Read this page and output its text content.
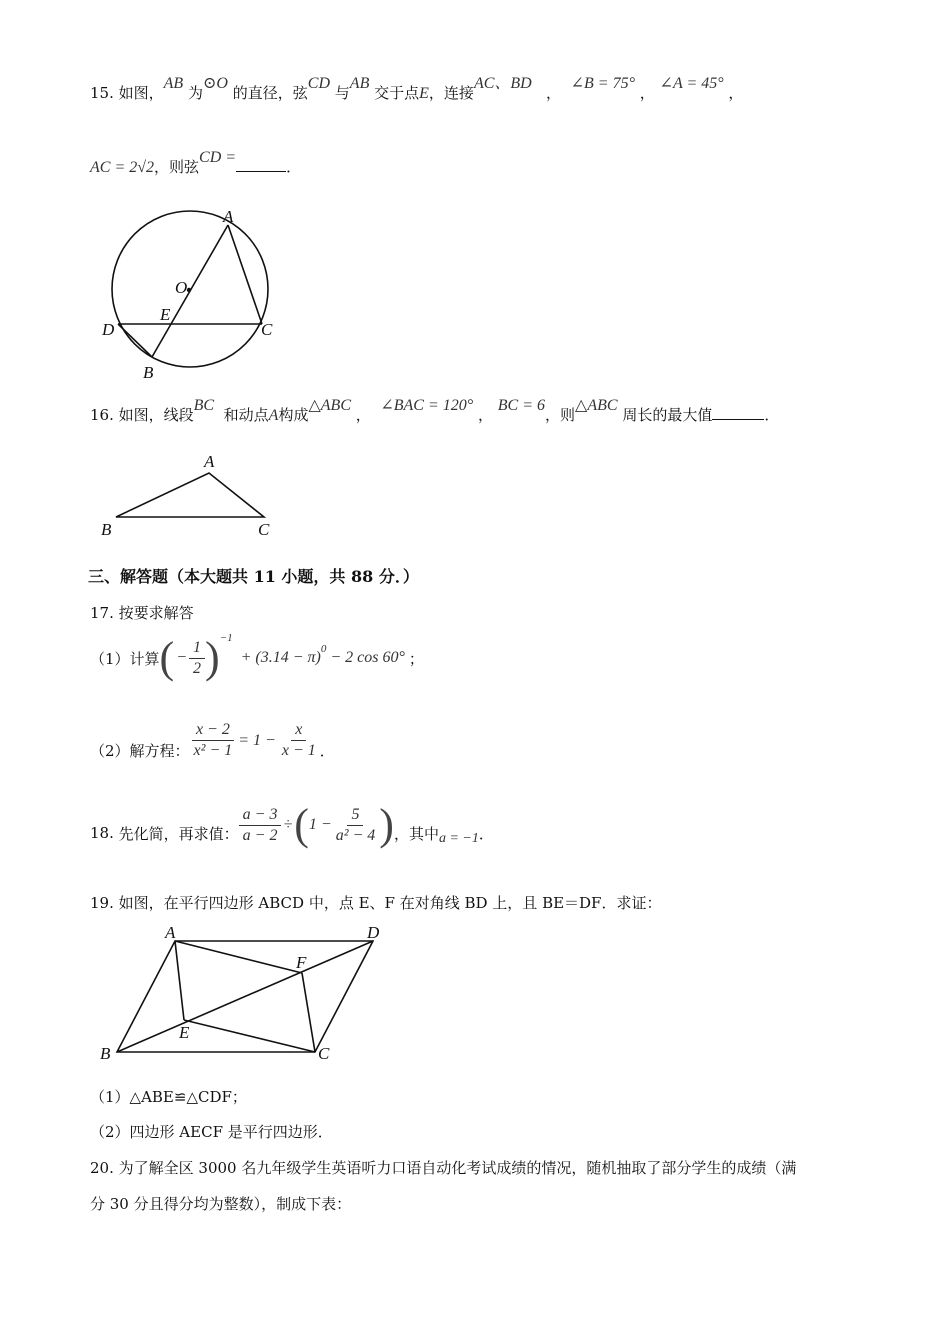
15.
如图，
AB

为
⊙O

的直径，弦
CD

与
AB

交于点 E ，连接
AC、BD

，

∠B = 75°

，

∠A = 45°

，
AC = 2√2 ，则弦
CD =
．
A
O
E
D	C
B
16.
如图，线段
BC

和动点 A 构成
△ABC

，

∠BAC = 120°

，

BC = 6
，则
△ABC

周长的最大值	．
A
B	C
三、解答题（本大题共 11 小题，共 88 分．）
17.
按要求解答
（1）计算 ( − $\frac{1}{2}$ ) −1
+ (3.14 − π) 0 − 2 cos 60° ；
（2）解方程： $\frac{x - 2}{\text{x² − 1}} = 1 - \frac{x}{x - 1}$ ．
18.
先化简，再求值： $\frac{a - 3}{a - 2}$ ÷ ( $1 - \frac{5}{\text{a² − 4}}$ ) ，其中 a = −1 ．
19.
如图，在平行四边形 ABCD 中，点 E、F 在对角线 BD 上，且 BE＝DF．求证：
A	D
F
E
B	C
（1）△ABE≌△CDF；
（2）四边形 AECF 是平行四边形．
20.
为了解全区 3000 名九年级学生英语听力口语自动化考试成绩的情况，随机抽取了部分学生的成绩（满
分 30 分且得分均为整数），制成下表：
